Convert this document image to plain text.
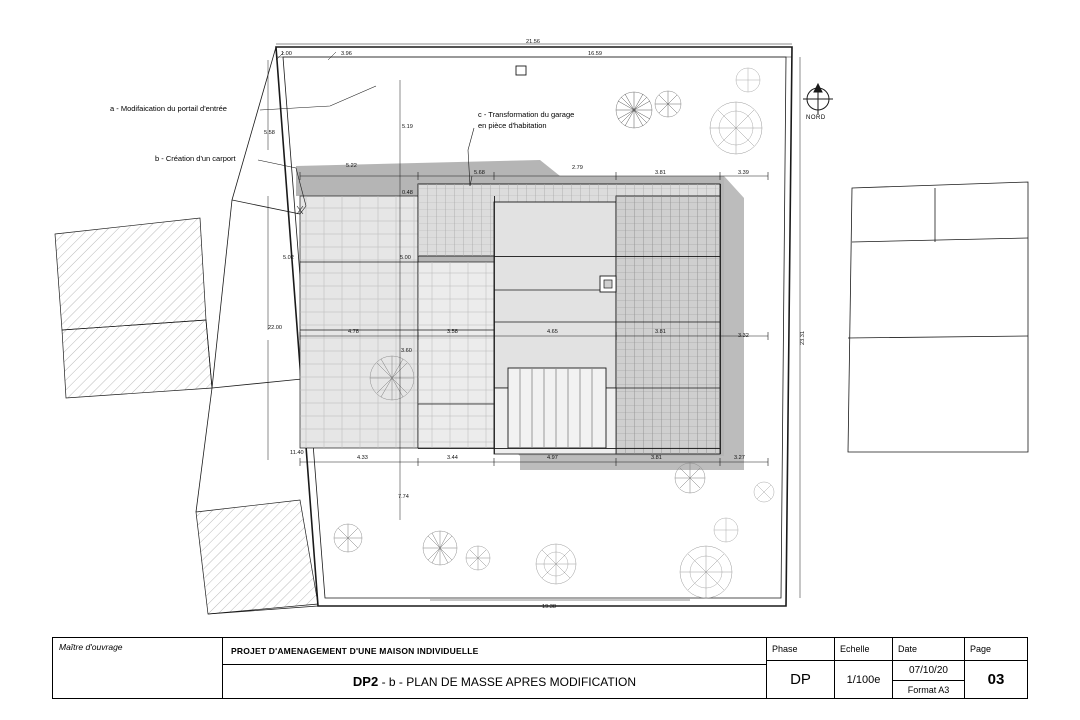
a - Modifaication du portail d'entrée
b - Création d'un carport
c - Transformation du garage
en pièce d'habitation
NORD
21.56
1.00	3.96	16.59
5.58
22.00
11.40
23.31
19.38
5.22
5.68
2.79
3.81	3.39
0.48
5.19
5.02	5.00
4.78	3.58	4.65	3.81
3.32
3.60
4.33	3.44	4.97	3.81	3.27
7.74
Maître d'ouvrage	PROJET D'AMENAGEMENT D'UNE MAISON INDIVIDUELLE
DP2
- b - PLAN DE MASSE APRES MODIFICATION
Phase
DP
Echelle
1/100e
Date
07/10/20
Format A3
Page
03
